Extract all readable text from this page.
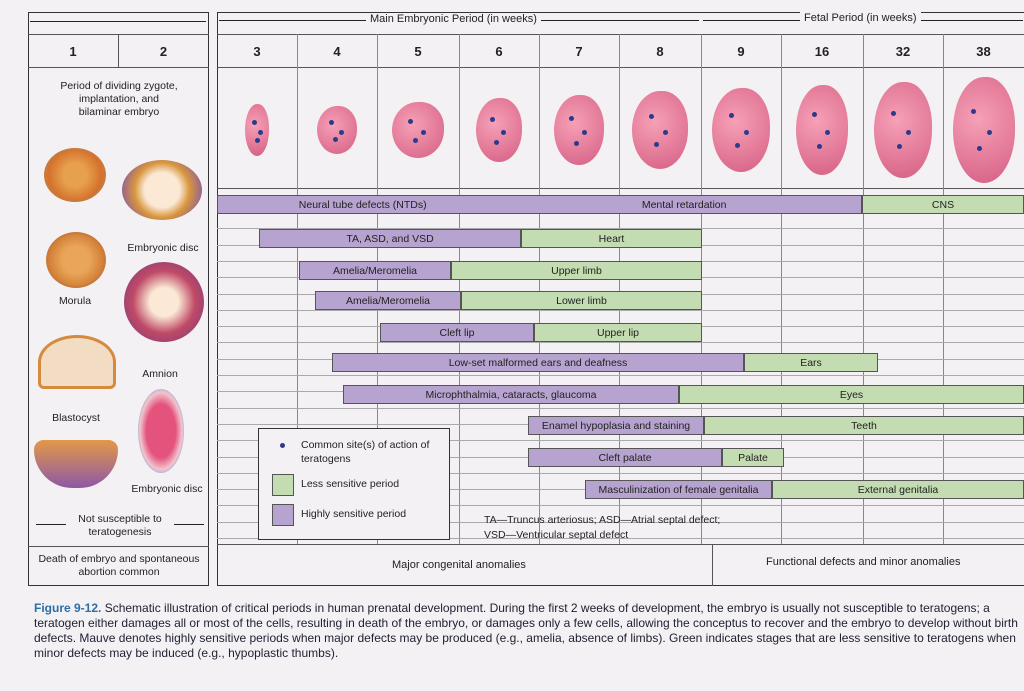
Main Embryonic Period (in weeks)	Fetal Period (in weeks)
1	2	3	4	5	6	7	8	9	16	32	38
Period of dividing zygote, implantation, and bilaminar embryo
Morula
Blastocyst
Embryonic disc
Amnion
Embryonic disc
Not susceptible to teratogenesis
Death of embryo and spontaneous abortion common
Neural tube defects (NTDs)	Mental retardation	CNS
TA, ASD, and VSD	Heart
Amelia/Meromelia	Upper limb
Amelia/Meromelia	Lower limb
Cleft lip	Upper lip
Low-set malformed ears and deafness	Ears
Microphthalmia, cataracts, glaucoma	Eyes
Enamel hypoplasia and staining	Teeth
Cleft palate	Palate
Masculinization of female genitalia	External genitalia
Common site(s) of action of teratogens
Less sensitive period
Highly sensitive period	TA—Truncus arteriosus; ASD—Atrial septal defect;
VSD—Ventricular septal defect
Major congenital anomalies	Functional defects and minor anomalies
Figure 9-12. Schematic illustration of critical periods in human prenatal development. During the first 2 weeks of development, the embryo is usually not susceptible to teratogens; a teratogen either damages all or most of the cells, resulting in death of the embryo, or damages only a few cells, allowing the conceptus to recover and the embryo to develop without birth defects. Mauve denotes highly sensitive periods when major defects may be produced (e.g., amelia, absence of limbs). Green indicates stages that are less sensitive to teratogens when minor defects may be induced (e.g., hypoplastic thumbs).
